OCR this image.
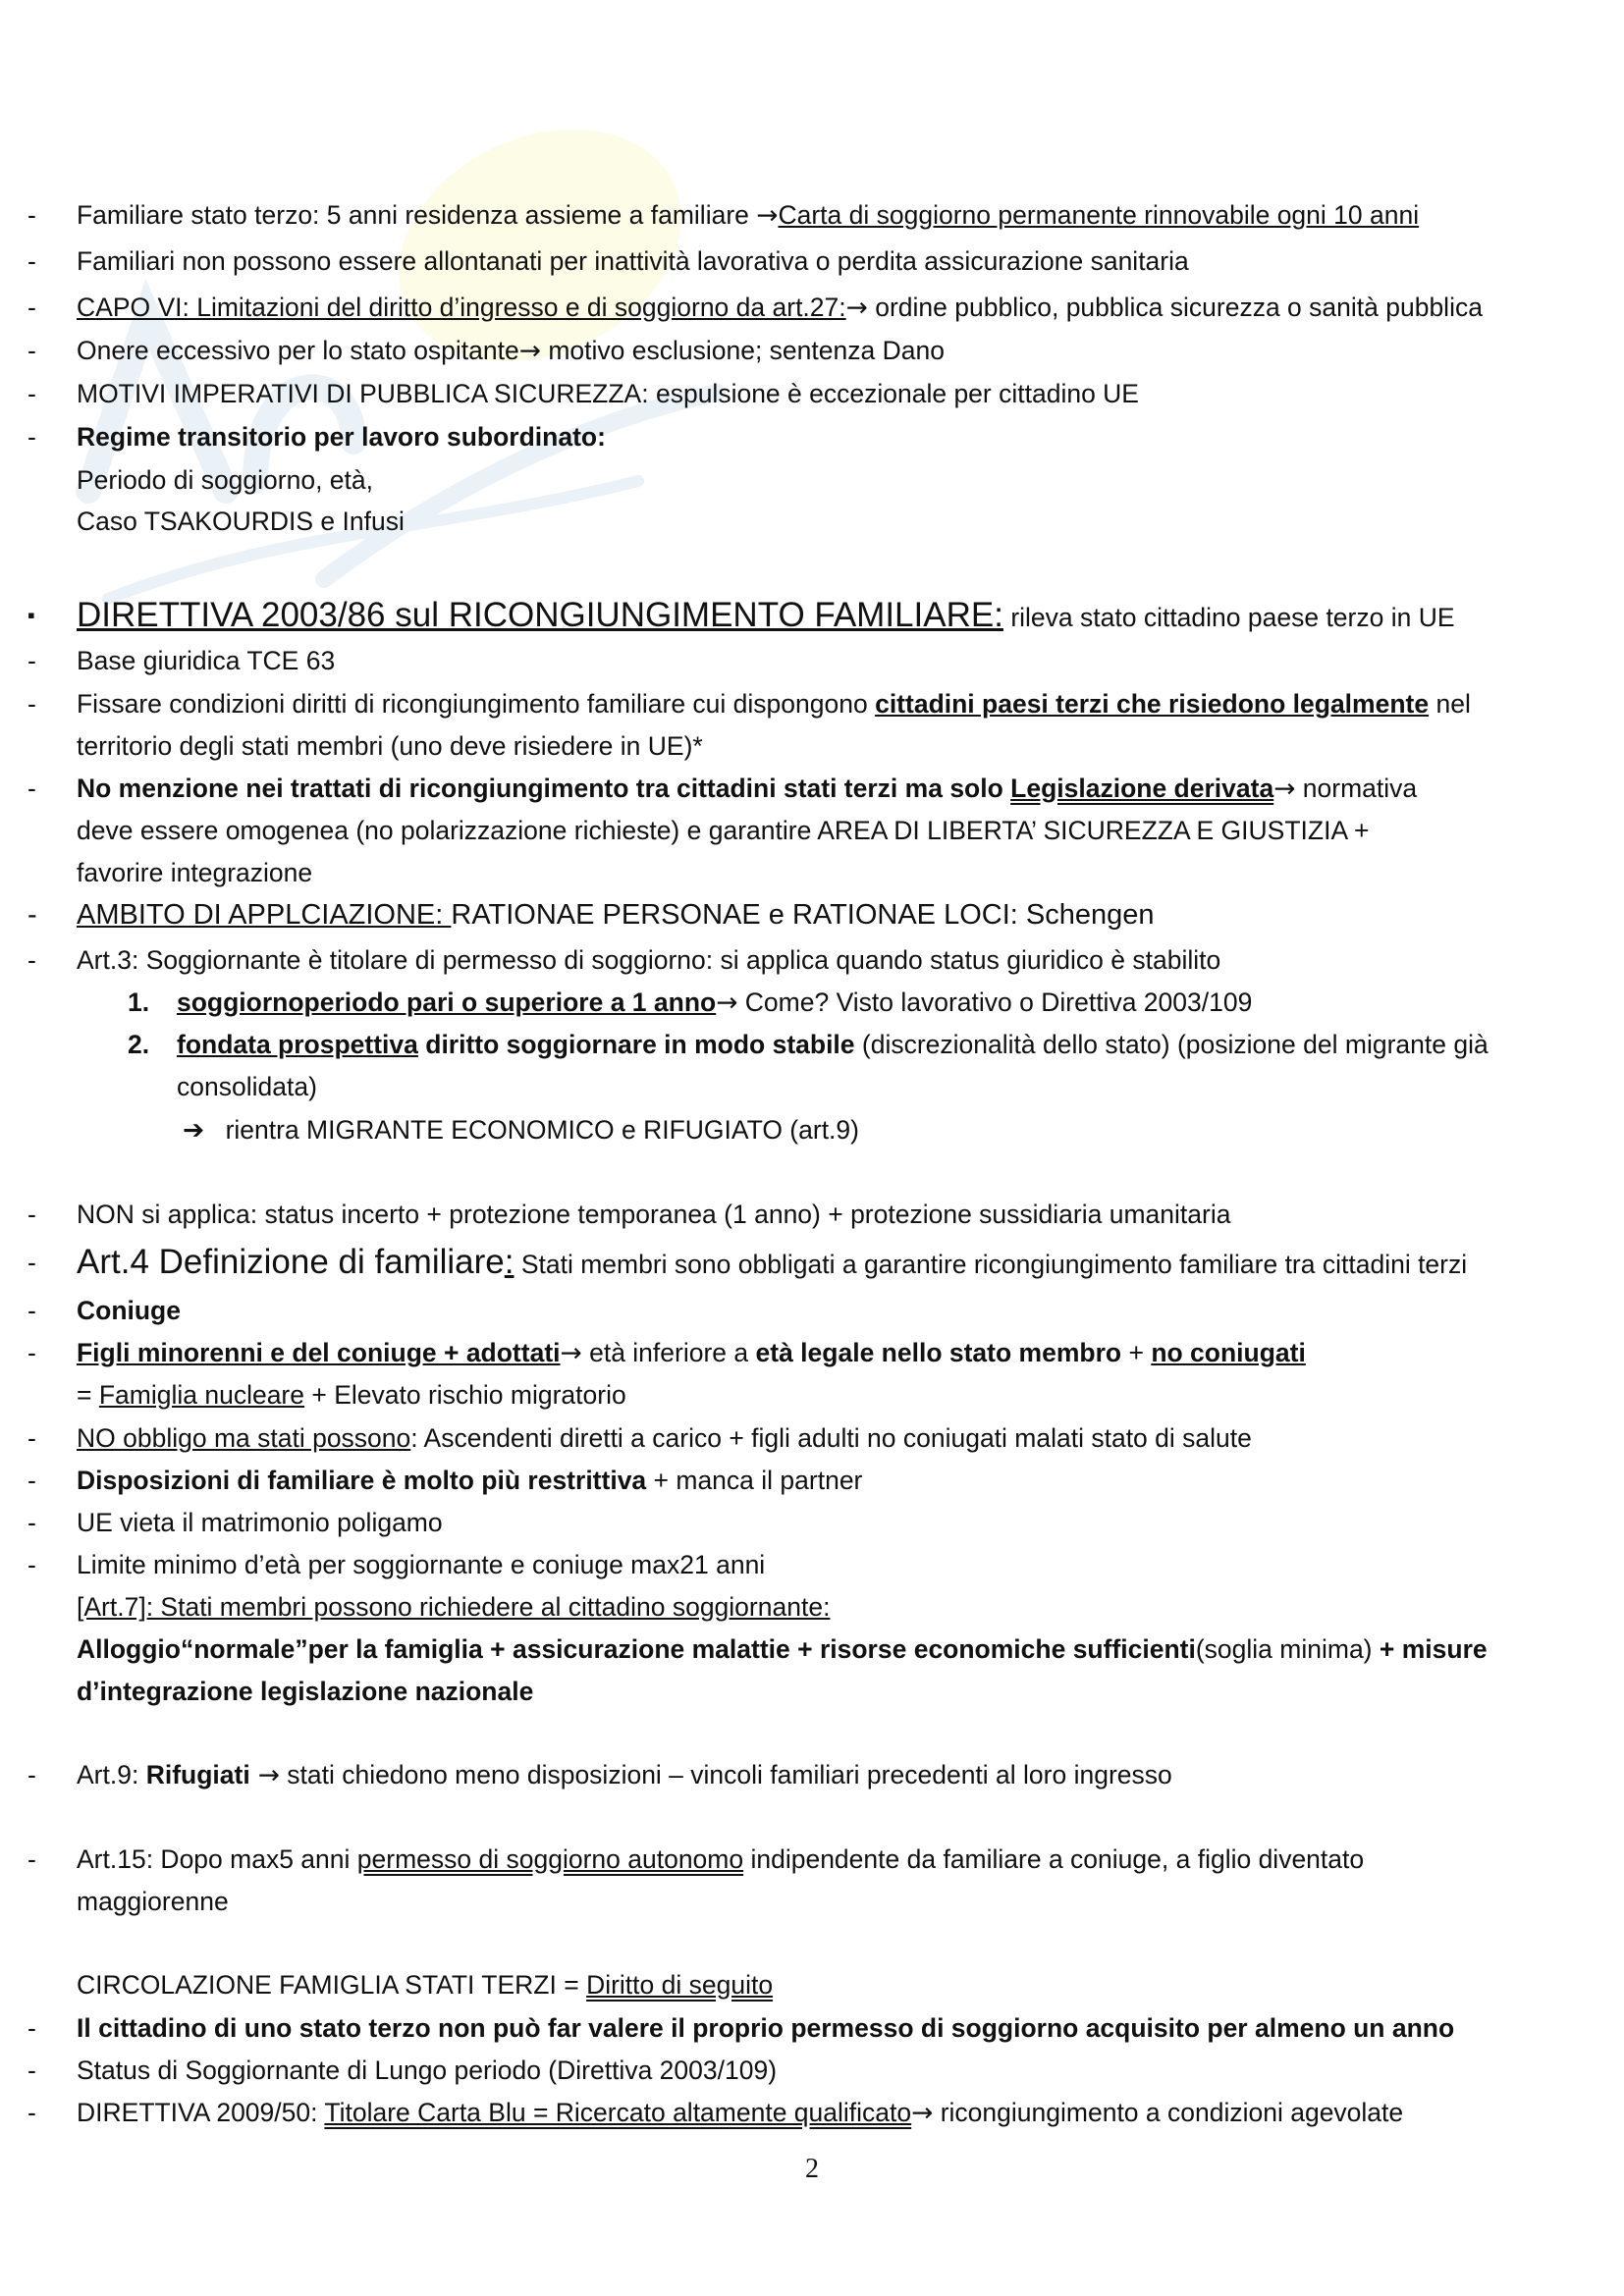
-	Familiare stato terzo: 5 anni residenza assieme a familiare →Carta di soggiorno permanente rinnovabile ogni 10 anni
-	Familiari non possono essere allontanati per inattività lavorativa o perdita assicurazione sanitaria
-	CAPO VI: Limitazioni del diritto d’ingresso e di soggiorno da art.27:→ ordine pubblico, pubblica sicurezza o sanità pubblica
-	Onere eccessivo per lo stato ospitante→ motivo esclusione; sentenza Dano
-	MOTIVI IMPERATIVI DI PUBBLICA SICUREZZA: espulsione è eccezionale per cittadino UE
-	Regime transitorio per lavoro subordinato:
Periodo di soggiorno, età,
Caso TSAKOURDIS e Infusi
▪ DIRETTIVA 2003/86 sul RICONGIUNGIMENTO FAMILIARE: rileva stato cittadino paese terzo in UE
-	Base giuridica TCE 63
-	Fissare condizioni diritti di ricongiungimento familiare cui dispongono cittadini paesi terzi che risiedono legalmente nel
territorio degli stati membri (uno deve risiedere in UE)*
-	No menzione nei trattati di ricongiungimento tra cittadini stati terzi ma solo Legislazione derivata→ normativa
deve essere omogenea (no polarizzazione richieste) e garantire AREA DI LIBERTA’ SICUREZZA E GIUSTIZIA +
favorire integrazione
-	AMBITO DI APPLCIAZIONE: RATIONAE PERSONAE e RATIONAE LOCI: Schengen
-	Art.3: Soggiornante è titolare di permesso di soggiorno: si applica quando status giuridico è stabilito
1. soggiornoperiodo pari o superiore a 1 anno→ Come? Visto lavorativo o Direttiva 2003/109
2. fondata prospettiva diritto soggiornare in modo stabile (discrezionalità dello stato) (posizione del migrante già
consolidata)
➔ rientra MIGRANTE ECONOMICO e RIFUGIATO (art.9)
-	NON si applica: status incerto + protezione temporanea (1 anno) + protezione sussidiaria umanitaria
-	Art.4 Definizione di familiare: Stati membri sono obbligati a garantire ricongiungimento familiare tra cittadini terzi
-	Coniuge
-	Figli minorenni e del coniuge + adottati→ età inferiore a età legale nello stato membro + no coniugati
= Famiglia nucleare + Elevato rischio migratorio
-	NO obbligo ma stati possono: Ascendenti diretti a carico + figli adulti no coniugati malati stato di salute
-	Disposizioni di familiare è molto più restrittiva + manca il partner
-	UE vieta il matrimonio poligamo
-	Limite minimo d’età per soggiornante e coniuge max21 anni
[Art.7]: Stati membri possono richiedere al cittadino soggiornante:
Alloggio“normale”per la famiglia + assicurazione malattie + risorse economiche sufficienti(soglia minima) + misure
d’integrazione legislazione nazionale
-	Art.9: Rifugiati → stati chiedono meno disposizioni – vincoli familiari precedenti al loro ingresso
-	Art.15: Dopo max5 anni permesso di soggiorno autonomo indipendente da familiare a coniuge, a figlio diventato
maggiorenne
CIRCOLAZIONE FAMIGLIA STATI TERZI = Diritto di seguito
-	Il cittadino di uno stato terzo non può far valere il proprio permesso di soggiorno acquisito per almeno un anno
-	Status di Soggiornante di Lungo periodo (Direttiva 2003/109)
-	DIRETTIVA 2009/50: Titolare Carta Blu = Ricercato altamente qualificato→ ricongiungimento a condizioni agevolate
2
